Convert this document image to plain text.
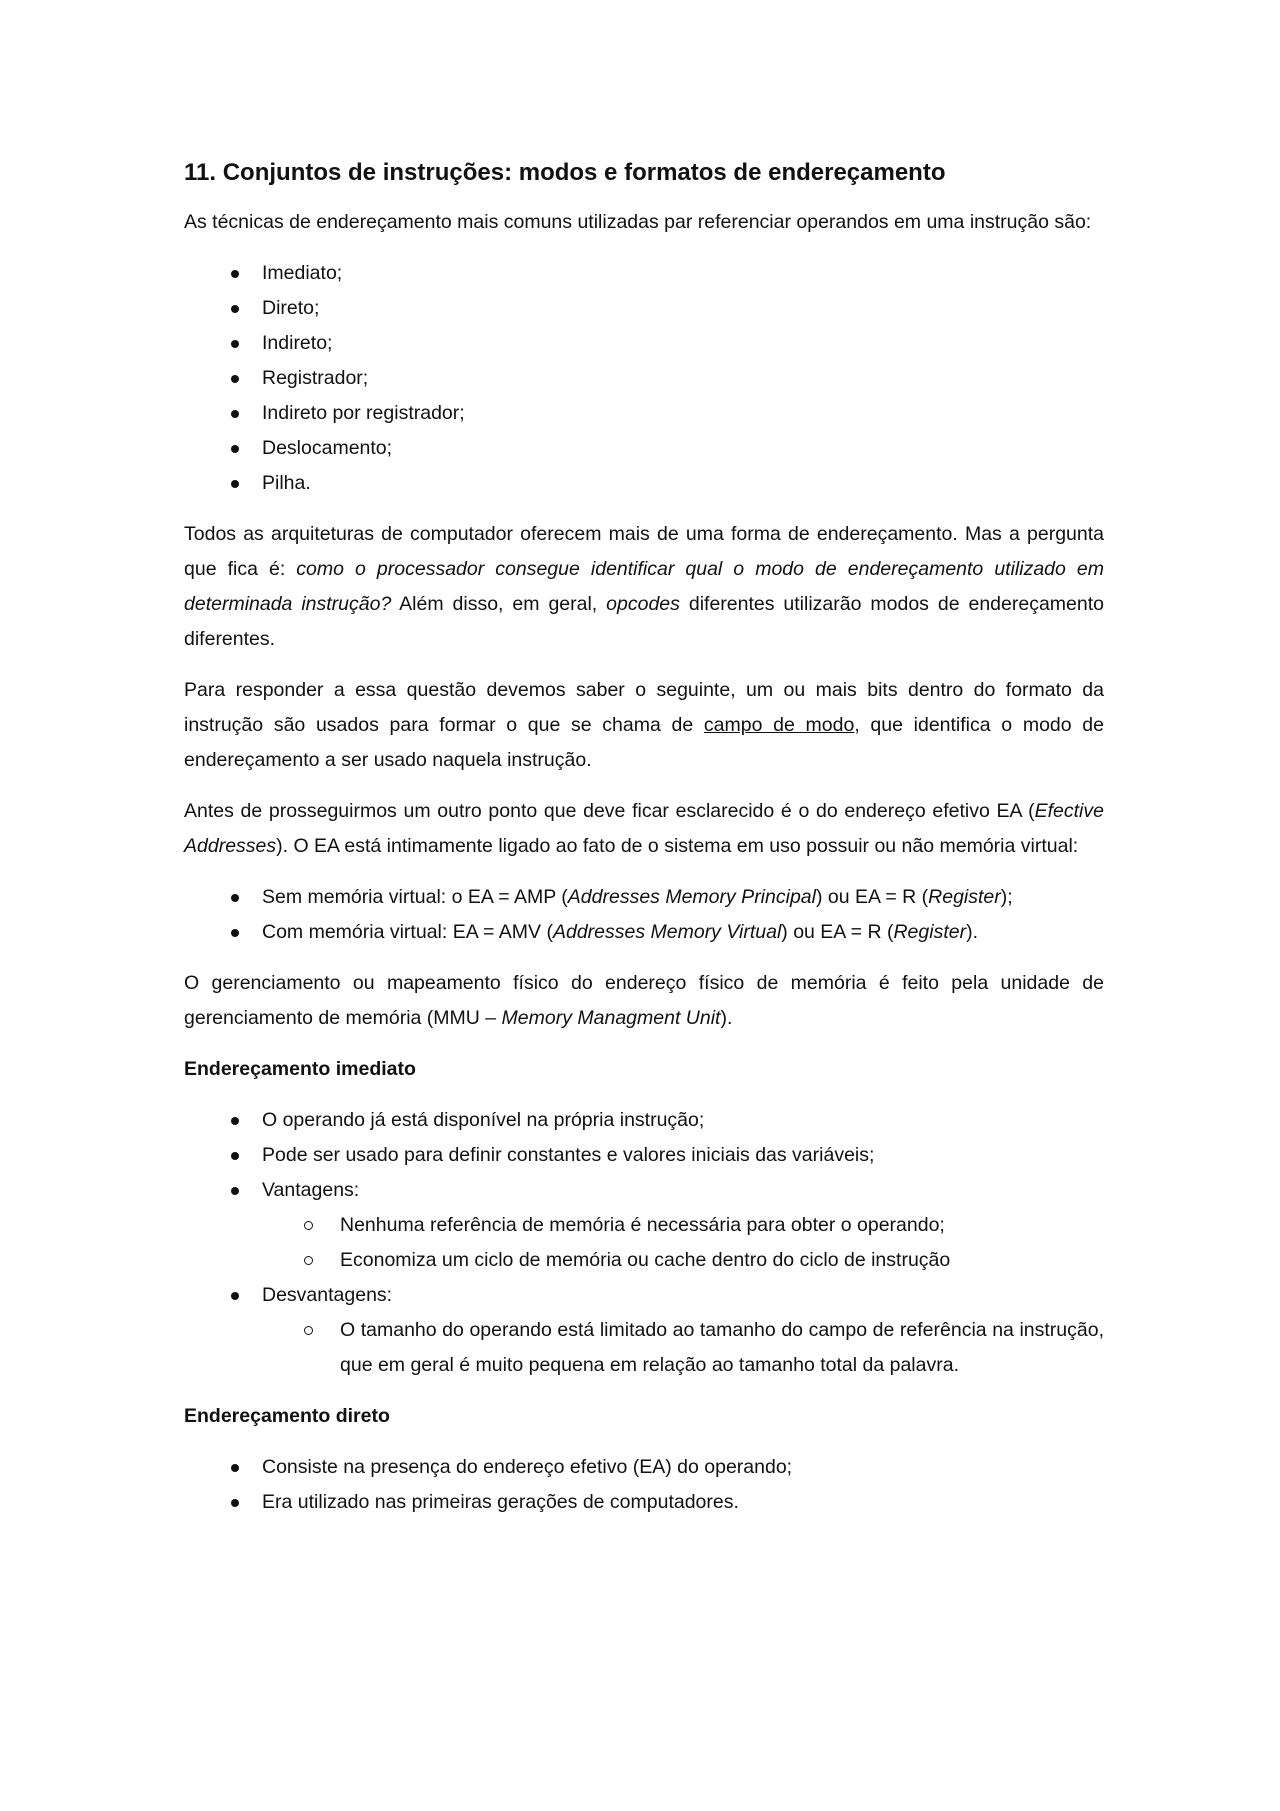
11. Conjuntos de instruções: modos e formatos de endereçamento

As técnicas de endereçamento mais comuns utilizadas par referenciar operandos em uma instrução são:

Imediato;
Direto;
Indireto;
Registrador;
Indireto por registrador;
Deslocamento;
Pilha.

Todos as arquiteturas de computador oferecem mais de uma forma de endereçamento. Mas a pergunta que fica é: como o processador consegue identificar qual o modo de endereçamento utilizado em determinada instrução? Além disso, em geral, opcodes diferentes utilizarão modos de endereçamento diferentes.

Para responder a essa questão devemos saber o seguinte, um ou mais bits dentro do formato da instrução são usados para formar o que se chama de campo de modo, que identifica o modo de endereçamento a ser usado naquela instrução.

Antes de prosseguirmos um outro ponto que deve ficar esclarecido é o do endereço efetivo EA (Efective Addresses). O EA está intimamente ligado ao fato de o sistema em uso possuir ou não memória virtual:

Sem memória virtual: o EA = AMP (Addresses Memory Principal) ou EA = R (Register);
Com memória virtual: EA = AMV (Addresses Memory Virtual) ou EA = R (Register).

O gerenciamento ou mapeamento físico do endereço físico de memória é feito pela unidade de gerenciamento de memória (MMU – Memory Managment Unit).

Endereçamento imediato
O operando já está disponível na própria instrução;
Pode ser usado para definir constantes e valores iniciais das variáveis;
Vantagens:
Nenhuma referência de memória é necessária para obter o operando;
Economiza um ciclo de memória ou cache dentro do ciclo de instrução
Desvantagens:
O tamanho do operando está limitado ao tamanho do campo de referência na instrução, que em geral é muito pequena em relação ao tamanho total da palavra.
Endereçamento direto
Consiste na presença do endereço efetivo (EA) do operando;
Era utilizado nas primeiras gerações de computadores.
